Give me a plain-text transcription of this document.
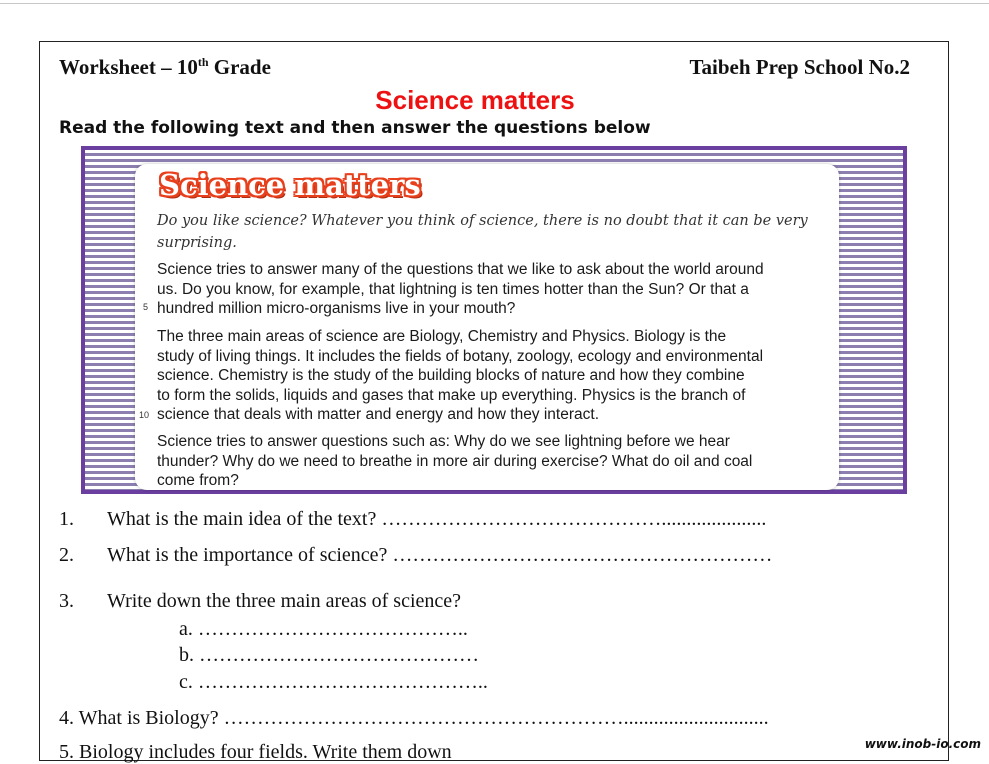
Worksheet – 10th Grade	Taibeh Prep School No.2
Science matters
Read the following text and then answer the questions below
Science matters
Do you like science? Whatever you think of science, there is no doubt that it can be very surprising.
Science tries to answer many of the questions that we like to ask about the world around
us. Do you know, for example, that lightning is ten times hotter than the Sun? Or that a
hundred million micro-organisms live in your mouth?
5
The three main areas of science are Biology, Chemistry and Physics. Biology is the
study of living things. It includes the fields of botany, zoology, ecology and environmental
science. Chemistry is the study of the building blocks of nature and how they combine
to form the solids, liquids and gases that make up everything. Physics is the branch of
science that deals with matter and energy and how they interact.
10
Science tries to answer questions such as: Why do we see lightning before we hear
thunder? Why do we need to breathe in more air during exercise? What do oil and coal
come from?
1. What is the main idea of the text? …………………………………….....................
2. What is the importance of science? …………………………………………………
3. Write down the three main areas of science?
a. …………………………………..
b. ……………………………………
c. ……………………………………..
4. What is Biology? …………………………………………………….............................
5. Biology includes four fields. Write them down	www.inob-io.com
